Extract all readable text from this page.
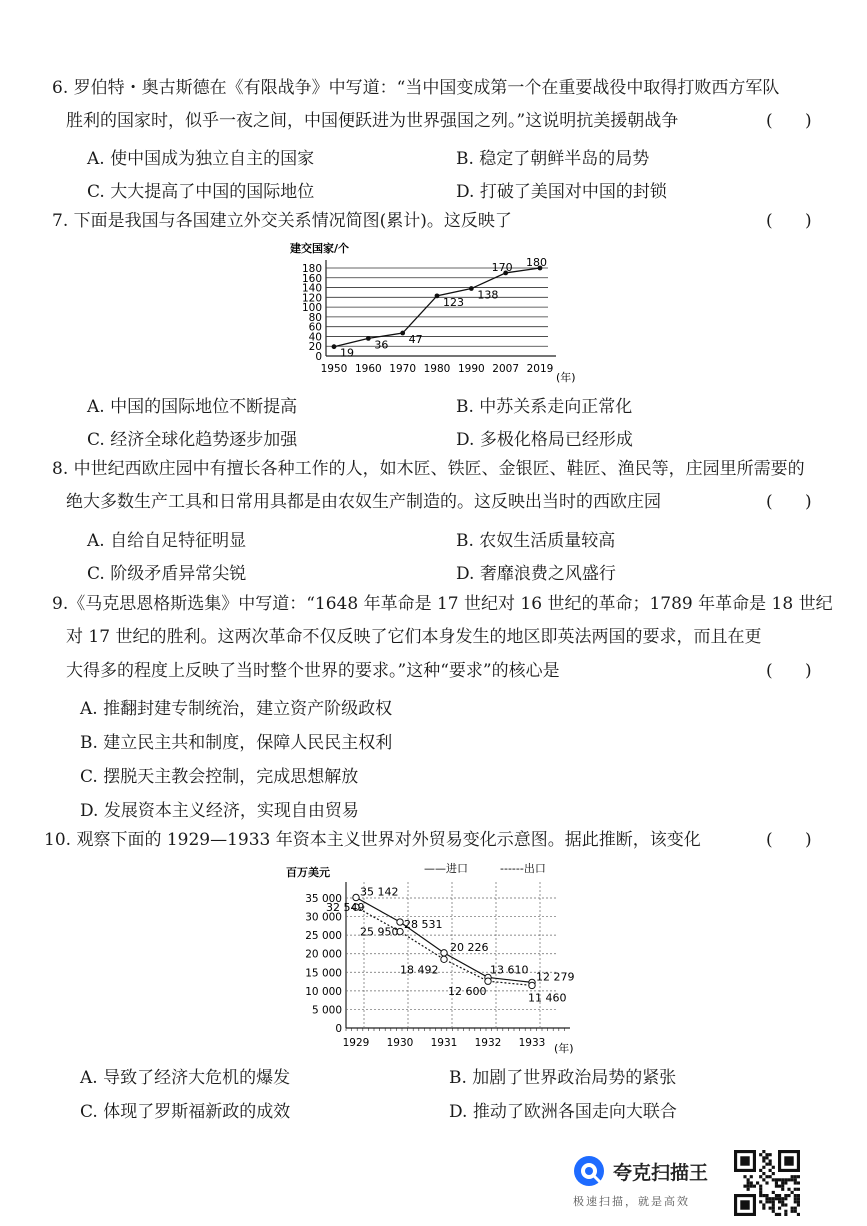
6. 罗伯特・奥古斯德在《有限战争》中写道：“当中国变成第一个在重要战役中取得打败西方军队
胜利的国家时，似乎一夜之间，中国便跃进为世界强国之列。”这说明抗美援朝战争	(      )
A. 使中国成为独立自主的国家	B. 稳定了朝鲜半岛的局势
C. 大大提高了中国的国际地位	D. 打破了美国对中国的封锁
7. 下面是我国与各国建立外交关系情况简图(累计)。这反映了	(      )
建交国家/个
0
20
40
60
80
100
120
140
160
180
1950 1960 1970 1980 1990 2007 2019
19
36 47
123
138
170 180
(年)
A. 中国的国际地位不断提高	B. 中苏关系走向正常化
C. 经济全球化趋势逐步加强	D. 多极化格局已经形成
8. 中世纪西欧庄园中有擅长各种工作的人，如木匠、铁匠、金银匠、鞋匠、渔民等，庄园里所需要的
绝大多数生产工具和日常用具都是由农奴生产制造的。这反映出当时的西欧庄园	(      )
A. 自给自足特征明显	B. 农奴生活质量较高
C. 阶级矛盾异常尖锐	D. 奢靡浪费之风盛行
9.《马克思恩格斯选集》中写道：“1648 年革命是 17 世纪对 16 世纪的革命；1789 年革命是 18 世纪
对 17 世纪的胜利。这两次革命不仅反映了它们本身发生的地区即英法两国的要求，而且在更
大得多的程度上反映了当时整个世界的要求。”这种“要求”的核心是	(      )
A. 推翻封建专制统治，建立资产阶级政权
B. 建立民主共和制度，保障人民民主权利
C. 摆脱天主教会控制，完成思想解放
D. 发展资本主义经济，实现自由贸易
10. 观察下面的 1929—1933 年资本主义世界对外贸易变化示意图。据此推断，该变化	(      )
百万美元	——进口	------出口
0
5 000
10 000
15 000
20 000
25 000
30 000
35 000
1929 1930 1931 1932 1933
35 142
28 531
20 226
13 610
12 279
32 549
25 950
18 492
12 600	11 460
(年)
A. 导致了经济大危机的爆发	B. 加剧了世界政治局势的紧张
C. 体现了罗斯福新政的成效	D. 推动了欧洲各国走向大联合
夸克扫描王
极速扫描，就是高效
